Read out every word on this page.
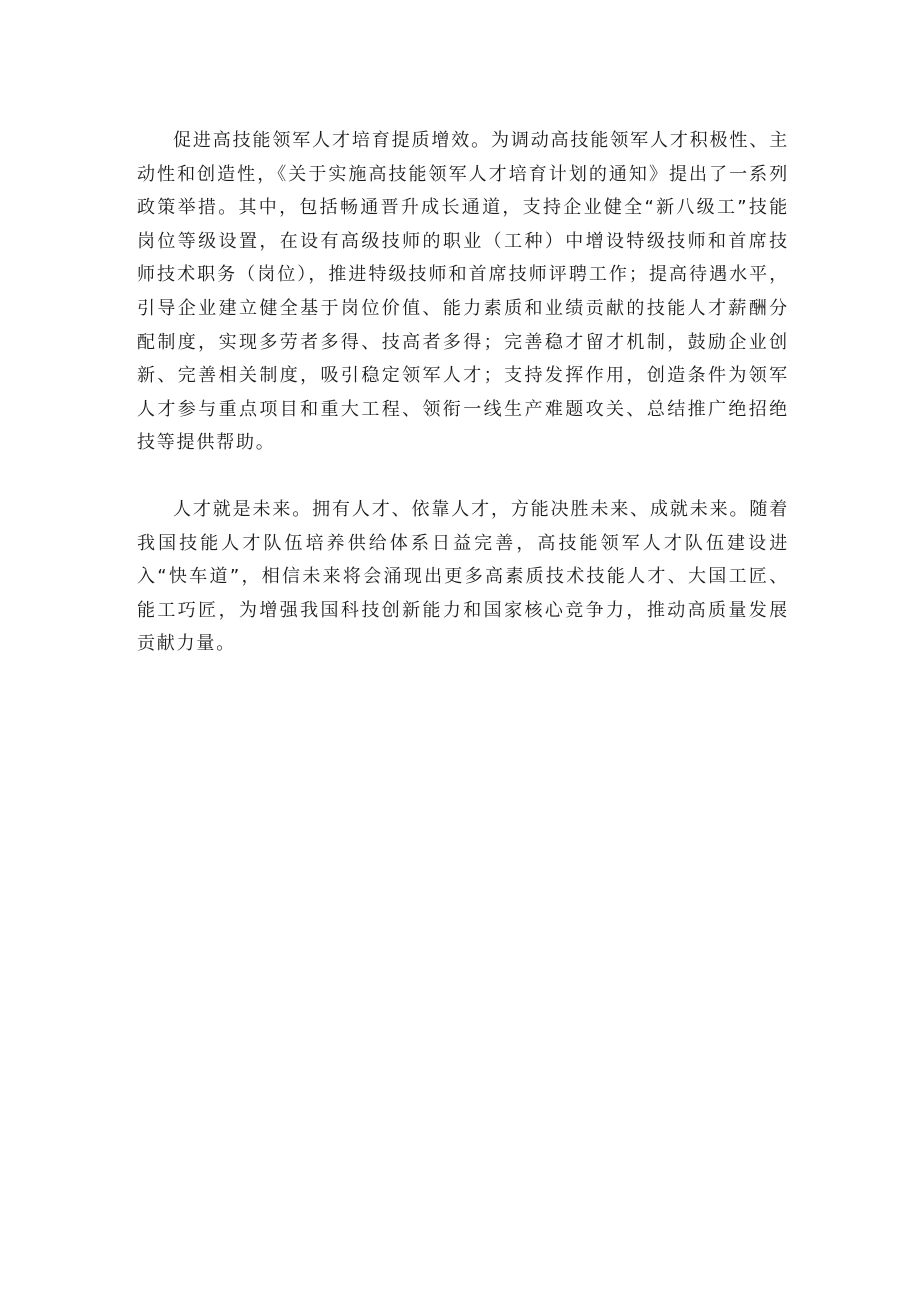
促进高技能领军人才培育提质增效。为调动高技能领军人才积极性、主动性和创造性，《关于实施高技能领军人才培育计划的通知》提出了一系列政策举措。其中，包括畅通晋升成长通道，支持企业健全“新八级工”技能岗位等级设置，在设有高级技师的职业（工种）中增设特级技师和首席技师技术职务（岗位），推进特级技师和首席技师评聘工作；提高待遇水平，引导企业建立健全基于岗位价值、能力素质和业绩贡献的技能人才薪酬分配制度，实现多劳者多得、技高者多得；完善稳才留才机制，鼓励企业创新、完善相关制度，吸引稳定领军人才；支持发挥作用，创造条件为领军人才参与重点项目和重大工程、领衔一线生产难题攻关、总结推广绝招绝技等提供帮助。

人才就是未来。拥有人才、依靠人才，方能决胜未来、成就未来。随着我国技能人才队伍培养供给体系日益完善，高技能领军人才队伍建设进入“快车道”，相信未来将会涌现出更多高素质技术技能人才、大国工匠、能工巧匠，为增强我国科技创新能力和国家核心竞争力，推动高质量发展贡献力量。
